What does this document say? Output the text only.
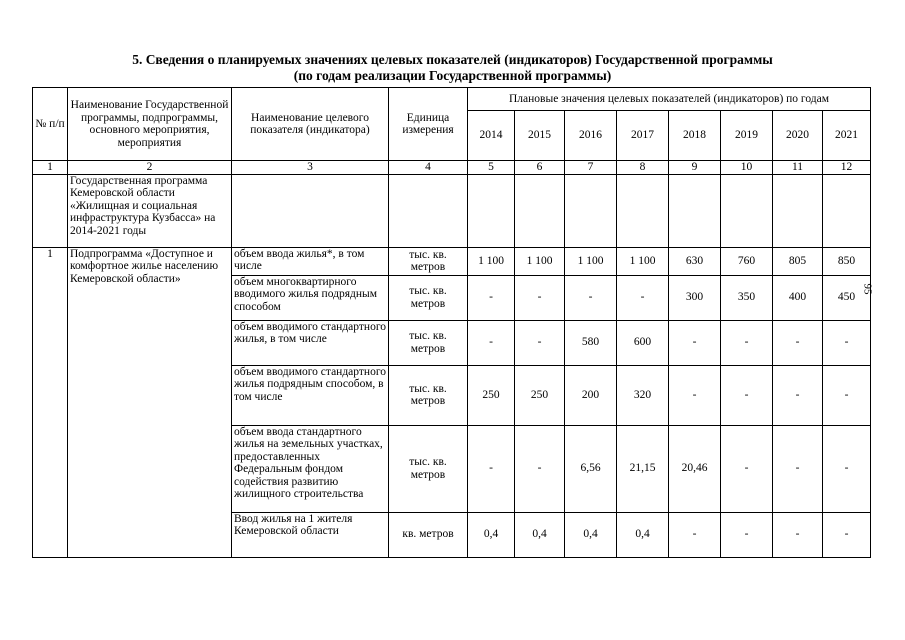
5. Сведения о планируемых значениях целевых показателей (индикаторов) Государственной программы
(по годам реализации Государственной программы)
95
№ п/п	Наименование Государственной программы, подпрограммы, основного мероприятия, мероприятия	Наименование целевого показателя (индикатора)	Единица измерения	Плановые значения целевых показателей (индикаторов) по годам							
				2014	2015	2016	2017	2018	2019	2020	2021
1	2	3	4	5	6	7	8	9	10	11	12
	Государственная программа Кемеровской области «Жилищная и социальная инфраструктура Кузбасса» на 2014-2021 годы										
1	Подпрограмма «Доступное и комфортное жилье населению Кемеровской области»	объем ввода жилья*, в том числе	тыс. кв. метров	1 100	1 100	1 100	1 100	630	760	805	850
		объем многоквартирного вводимого жилья подрядным способом	тыс. кв. метров	-	-	-	-	300	350	400	450
		объем вводимого стандартного жилья, в том числе	тыс. кв. метров	-	-	580	600	-	-	-	-
		объем вводимого стандартного жилья подрядным способом, в том числе	тыс. кв. метров	250	250	200	320	-	-	-	-
		объем ввода стандартного жилья на земельных участках, предоставленных Федеральным фондом содействия развитию жилищного строительства	тыс. кв. метров	-	-	6,56	21,15	20,46	-	-	-
		Ввод жилья на 1 жителя Кемеровской области	кв. метров	0,4	0,4	0,4	0,4	-	-	-	-
